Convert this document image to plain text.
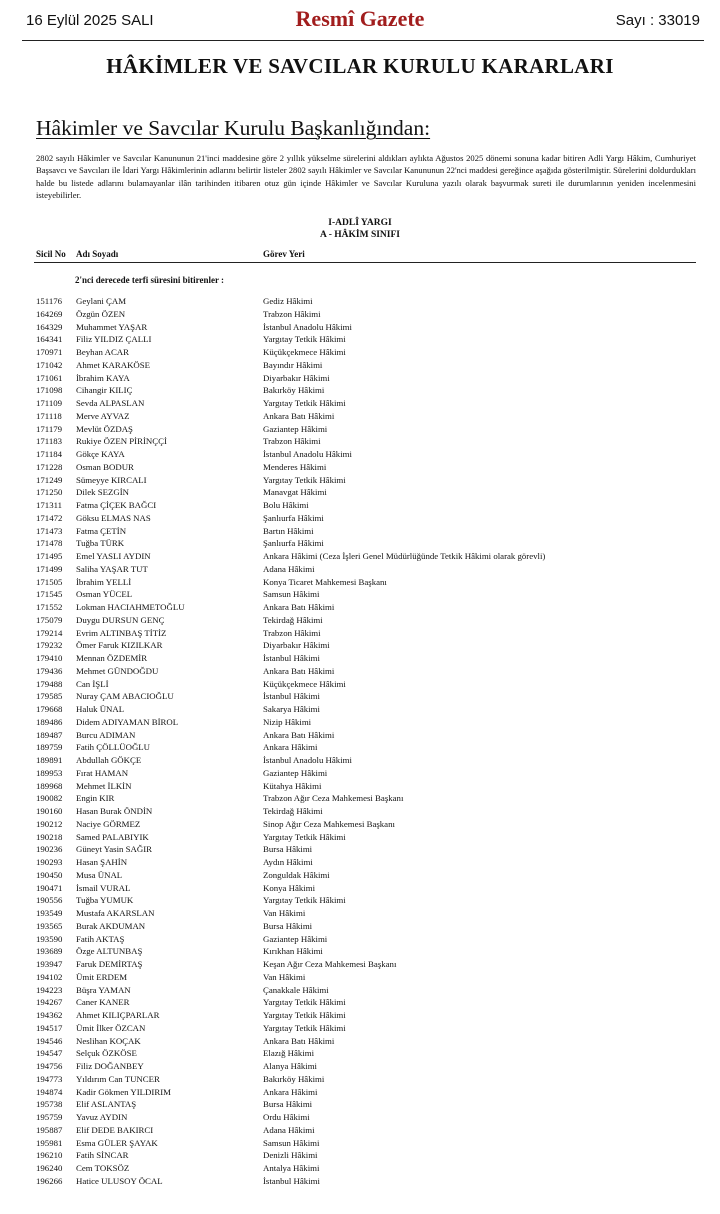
16 Eylül 2025 SALI	Resmî Gazete	Sayı : 33019
HÂKİMLER VE SAVCILAR KURULU KARARLARI
Hâkimler ve Savcılar Kurulu Başkanlığından:
2802 sayılı Hâkimler ve Savcılar Kanununun 21'inci maddesine göre 2 yıllık yükselme sürelerini aldıkları aylıkta Ağustos 2025 dönemi sonuna kadar bitiren Adli Yargı Hâkim, Cumhuriyet Başsavcı ve Savcıları ile İdari Yargı Hâkimlerinin adlarını belirtir listeler 2802 sayılı Hâkimler ve Savcılar Kanununun 22'nci maddesi gereğince aşağıda gösterilmiştir. Sürelerini doldurdukları halde bu listede adlarını bulamayanlar ilân tarihinden itibaren otuz gün içinde Hâkimler ve Savcılar Kuruluna yazılı olarak başvurmak sureti ile durumlarının yeniden incelenmesini isteyebilirler.
I-ADLÎ YARGI
A - HÂKİM SINIFI
Sicil No Adı Soyadı	Görev Yeri
2'nci derecede terfi süresini bitirenler :
151176 Geylani ÇAM	Gediz Hâkimi
164269 Özgün ÖZEN	Trabzon Hâkimi
164329 Muhammet YAŞAR	İstanbul Anadolu Hâkimi
164341 Filiz YILDIZ ÇALLI	Yargıtay Tetkik Hâkimi
170971 Beyhan ACAR	Küçükçekmece Hâkimi
171042 Ahmet KARAKÖSE	Bayındır Hâkimi
171061 İbrahim KAYA	Diyarbakır Hâkimi
171098 Cihangir KILIÇ	Bakırköy Hâkimi
171109 Sevda ALPASLAN	Yargıtay Tetkik Hâkimi
171118 Merve AYVAZ	Ankara Batı Hâkimi
171179 Mevlüt ÖZDAŞ	Gaziantep Hâkimi
171183 Rukiye ÖZEN PİRİNÇÇİ	Trabzon Hâkimi
171184 Gökçe KAYA	İstanbul Anadolu Hâkimi
171228 Osman BODUR	Menderes Hâkimi
171249 Sümeyye KIRCALI	Yargıtay Tetkik Hâkimi
171250 Dilek SEZGİN	Manavgat Hâkimi
171311 Fatma ÇİÇEK BAĞCI	Bolu Hâkimi
171472 Göksu ELMAS NAS	Şanlıurfa Hâkimi
171473 Fatma ÇETİN	Bartın Hâkimi
171478 Tuğba TÜRK	Şanlıurfa Hâkimi
171495 Emel YASLI AYDIN	Ankara Hâkimi (Ceza İşleri Genel Müdürlüğünde Tetkik Hâkimi olarak görevli)
171499 Saliha YAŞAR TUT	Adana Hâkimi
171505 İbrahim YELLİ	Konya Ticaret Mahkemesi Başkanı
171545 Osman YÜCEL	Samsun Hâkimi
171552 Lokman HACIAHMETOĞLU	Ankara Batı Hâkimi
175079 Duygu DURSUN GENÇ	Tekirdağ Hâkimi
179214 Evrim ALTINBAŞ TİTİZ	Trabzon Hâkimi
179232 Ömer Faruk KIZILKAR	Diyarbakır Hâkimi
179410 Mennan ÖZDEMİR	İstanbul Hâkimi
179436 Mehmet GÜNDOĞDU	Ankara Batı Hâkimi
179488 Can İŞLİ	Küçükçekmece Hâkimi
179585 Nuray ÇAM ABACIOĞLU	İstanbul Hâkimi
179668 Haluk ÜNAL	Sakarya Hâkimi
189486 Didem ADIYAMAN BİROL	Nizip Hâkimi
189487 Burcu ADIMAN	Ankara Batı Hâkimi
189759 Fatih ÇÖLLÜOĞLU	Ankara Hâkimi
189891 Abdullah GÖKÇE	İstanbul Anadolu Hâkimi
189953 Fırat HAMAN	Gaziantep Hâkimi
189968 Mehmet İLKİN	Kütahya Hâkimi
190082 Engin KIR	Trabzon Ağır Ceza Mahkemesi Başkanı
190160 Hasan Burak ÖNDİN	Tekirdağ Hâkimi
190212 Naciye GÖRMEZ	Sinop Ağır Ceza Mahkemesi Başkanı
190218 Samed PALABIYIK	Yargıtay Tetkik Hâkimi
190236 Güneyt Yasin SAĞIR	Bursa Hâkimi
190293 Hasan ŞAHİN	Aydın Hâkimi
190450 Musa ÜNAL	Zonguldak Hâkimi
190471 İsmail VURAL	Konya Hâkimi
190556 Tuğba YUMUK	Yargıtay Tetkik Hâkimi
193549 Mustafa AKARSLAN	Van Hâkimi
193565 Burak AKDUMAN	Bursa Hâkimi
193590 Fatih AKTAŞ	Gaziantep Hâkimi
193689 Özge ALTUNBAŞ	Kırıkhan Hâkimi
193947 Faruk DEMİRTAŞ	Keşan Ağır Ceza Mahkemesi Başkanı
194102 Ümit ERDEM	Van Hâkimi
194223 Büşra YAMAN	Çanakkale Hâkimi
194267 Caner KANER	Yargıtay Tetkik Hâkimi
194362 Ahmet KILIÇPARLAR	Yargıtay Tetkik Hâkimi
194517 Ümit İlker ÖZCAN	Yargıtay Tetkik Hâkimi
194546 Neslihan KOÇAK	Ankara Batı Hâkimi
194547 Selçuk ÖZKÖSE	Elazığ Hâkimi
194756 Filiz DOĞANBEY	Alanya Hâkimi
194773 Yıldırım Can TUNCER	Bakırköy Hâkimi
194874 Kadir Gökmen YILDIRIM	Ankara Hâkimi
195738 Elif ASLANTAŞ	Bursa Hâkimi
195759 Yavuz AYDIN	Ordu Hâkimi
195887 Elif DEDE BAKIRCI	Adana Hâkimi
195981 Esma GÜLER ŞAYAK	Samsun Hâkimi
196210 Fatih SİNCAR	Denizli Hâkimi
196240 Cem TOKSÖZ	Antalya Hâkimi
196266 Hatice ULUSOY ÖCAL	İstanbul Hâkimi
